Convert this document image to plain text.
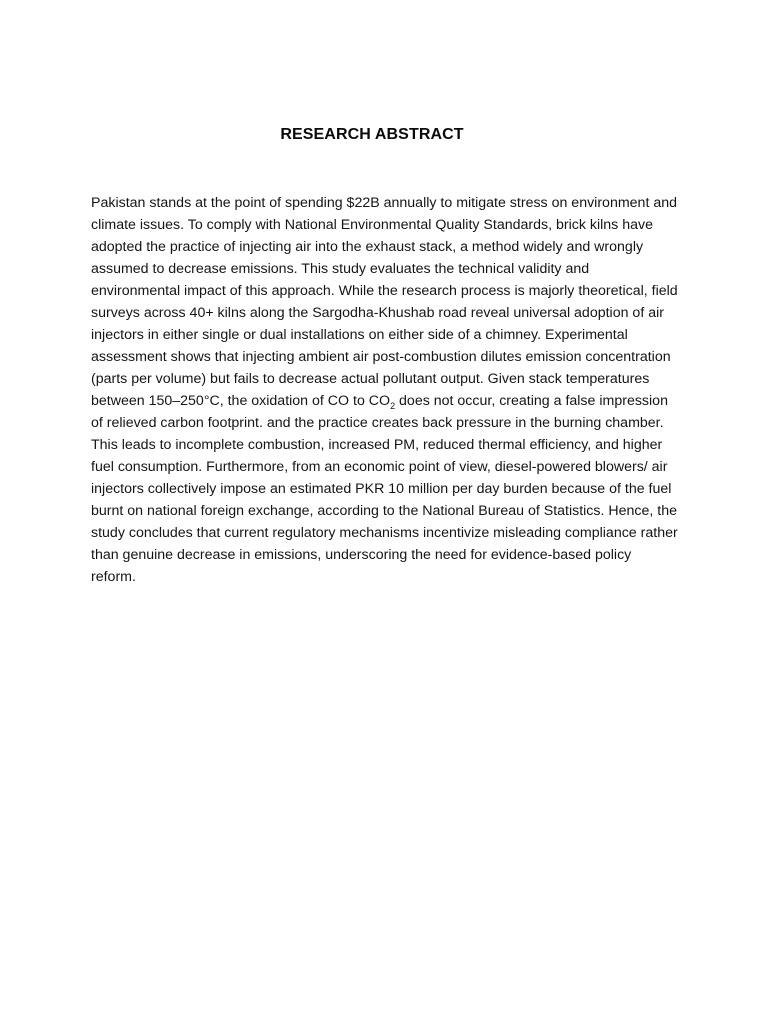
RESEARCH ABSTRACT

Pakistan stands at the point of spending $22B annually to mitigate stress on environment and climate issues. To comply with National Environmental Quality Standards, brick kilns have adopted the practice of injecting air into the exhaust stack, a method widely and wrongly assumed to decrease emissions. This study evaluates the technical validity and environmental impact of this approach. While the research process is majorly theoretical, field surveys across 40+ kilns along the Sargodha-Khushab road reveal universal adoption of air injectors in either single or dual installations on either side of a chimney. Experimental assessment shows that injecting ambient air post-combustion dilutes emission concentration (parts per volume) but fails to decrease actual pollutant output. Given stack temperatures between 150–250°C, the oxidation of CO to $CO_2$ does not occur, creating a false impression of relieved carbon footprint. and the practice creates back pressure in the burning chamber. This leads to incomplete combustion, increased PM, reduced thermal efficiency, and higher fuel consumption. Furthermore, from an economic point of view, diesel-powered blowers/ air injectors collectively impose an estimated PKR 10 million per day burden because of the fuel burnt on national foreign exchange, according to the National Bureau of Statistics. Hence, the study concludes that current regulatory mechanisms incentivize misleading compliance rather than genuine decrease in emissions, underscoring the need for evidence-based policy reform.
